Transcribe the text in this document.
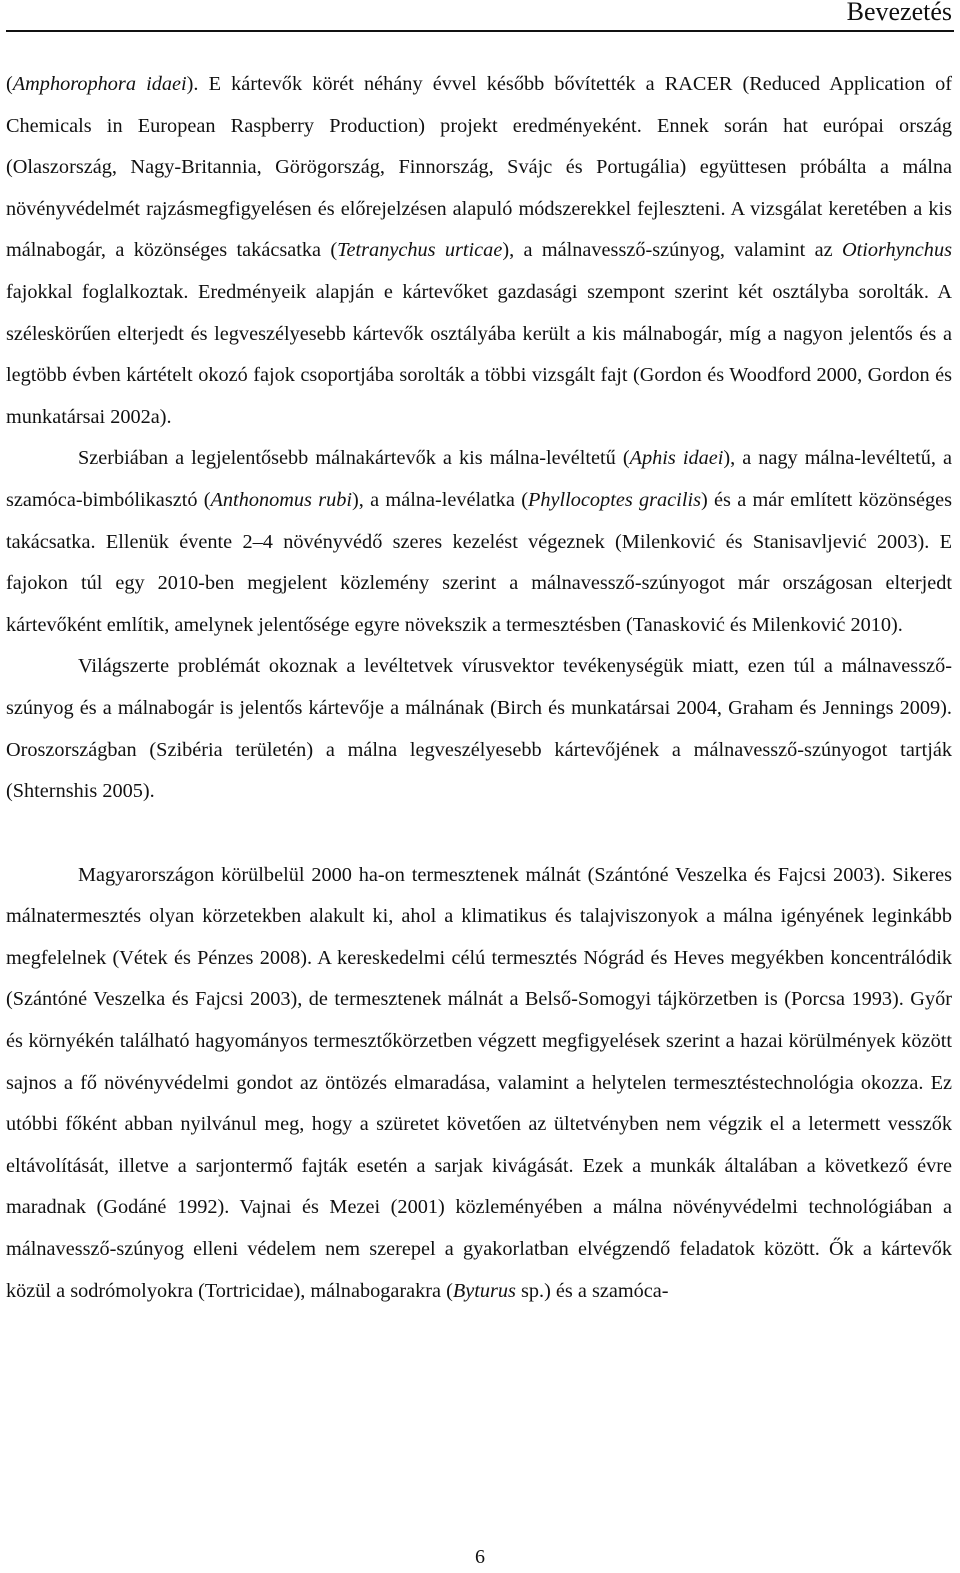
Bevezetés

(Amphorophora idaei). E kártevők körét néhány évvel később bővítették a RACER (Reduced Application of Chemicals in European Raspberry Production) projekt eredményeként. Ennek során hat európai ország (Olaszország, Nagy-Britannia, Görögország, Finnország, Svájc és Portugália) együttesen próbálta a málna növényvédelmét rajzásmegfigyelésen és előrejelzésen alapuló módszerekkel fejleszteni. A vizsgálat keretében a kis málnabogár, a közönséges takácsatka (Tetranychus urticae), a málnavessző-szúnyog, valamint az Otiorhynchus fajokkal foglalkoztak. Eredményeik alapján e kártevőket gazdasági szempont szerint két osztályba sorolták. A széleskörűen elterjedt és legveszélyesebb kártevők osztályába került a kis málnabogár, míg a nagyon jelentős és a legtöbb évben kártételt okozó fajok csoportjába sorolták a többi vizsgált fajt (Gordon és Woodford 2000, Gordon és munkatársai 2002a).

Szerbiában a legjelentősebb málnakártevők a kis málna-levéltetű (Aphis idaei), a nagy málna-levéltetű, a szamóca-bimbólikasztó (Anthonomus rubi), a málna-levélatka (Phyllocoptes gracilis) és a már említett közönséges takácsatka. Ellenük évente 2–4 növényvédő szeres kezelést végeznek (Milenković és Stanisavljević 2003). E fajokon túl egy 2010-ben megjelent közlemény szerint a málnavessző-szúnyogot már országosan elterjedt kártevőként említik, amelynek jelentősége egyre növekszik a termesztésben (Tanasković és Milenković 2010).

Világszerte problémát okoznak a levéltetvek vírusvektor tevékenységük miatt, ezen túl a málnavessző-szúnyog és a málnabogár is jelentős kártevője a málnának (Birch és munkatársai 2004, Graham és Jennings 2009). Oroszországban (Szibéria területén) a málna legveszélyesebb kártevőjének a málnavessző-szúnyogot tartják (Shternshis 2005).

Magyarországon körülbelül 2000 ha-on termesztenek málnát (Szántóné Veszelka és Fajcsi 2003). Sikeres málnatermesztés olyan körzetekben alakult ki, ahol a klimatikus és talajviszonyok a málna igényének leginkább megfelelnek (Vétek és Pénzes 2008). A kereskedelmi célú termesztés Nógrád és Heves megyékben koncentrálódik (Szántóné Veszelka és Fajcsi 2003), de termesztenek málnát a Belső-Somogyi tájkörzetben is (Porcsa 1993). Győr és környékén található hagyományos termesztőkörzetben végzett megfigyelések szerint a hazai körülmények között sajnos a fő növényvédelmi gondot az öntözés elmaradása, valamint a helytelen termesztéstechnológia okozza. Ez utóbbi főként abban nyilvánul meg, hogy a szüretet követően az ültetvényben nem végzik el a letermett vesszők eltávolítását, illetve a sarjontermő fajták esetén a sarjak kivágását. Ezek a munkák általában a következő évre maradnak (Godáné 1992). Vajnai és Mezei (2001) közleményében a málna növényvédelmi technológiában a málnavessző-szúnyog elleni védelem nem szerepel a gyakorlatban elvégzendő feladatok között. Ők a kártevők közül a sodrómolyokra (Tortricidae), málnabogarakra (Byturus sp.) és a szamóca-

6
